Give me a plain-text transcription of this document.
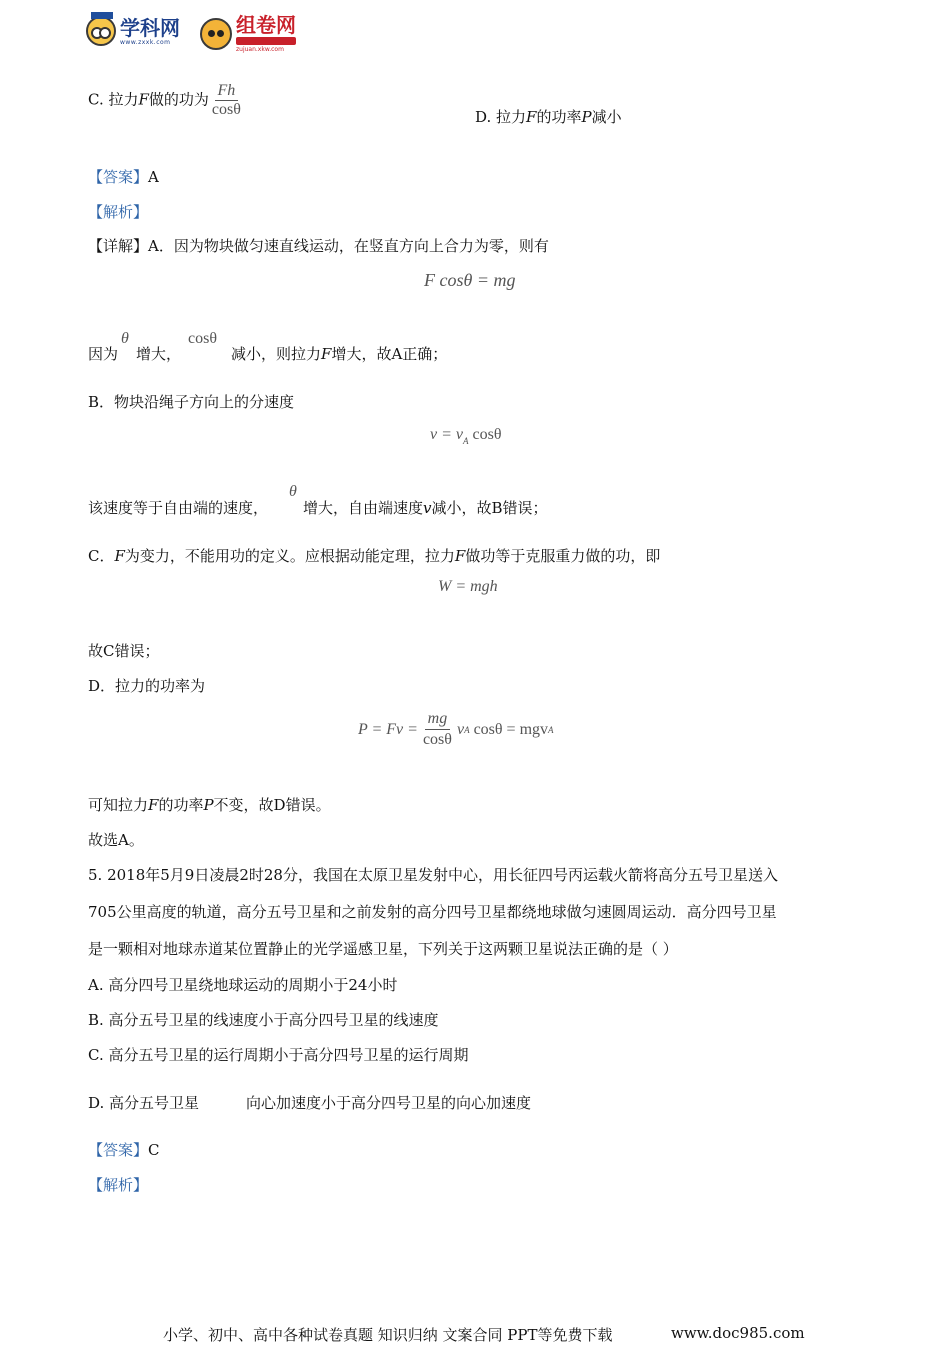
学科网
www.zxxk.com
组卷网
zujuan.xkw.com
C. 拉力F做的功为 $\frac{Fh}{\cos\theta}$	D. 拉力F的功率P减小
【答案】A
【解析】
【详解】A．因为物块做匀速直线运动，在竖直方向上合力为零，则有
F cosθ = mg
因为
θ
增大，
cosθ
减小，则拉力F增大，故A正确；
B．物块沿绳子方向上的分速度
$v = v_A$ cosθ
该速度等于自由端的速度，
θ
增大，自由端速度v减小，故B错误；
C．F为变力，不能用功的定义。应根据动能定理，拉力F做功等于克服重力做的功，即
W = mgh
故C错误；
D．拉力的功率为
$P = Fv = \frac{mg}{\cos\theta}$ v A
cosθ = mgv A
可知拉力F的功率P不变，故D错误。
故选A。
5. 2018年5月9日凌晨2时28分，我国在太原卫星发射中心，用长征四号丙运载火箭将高分五号卫星送入
705公里高度的轨道，高分五号卫星和之前发射的高分四号卫星都绕地球做匀速圆周运动．高分四号卫星
是一颗相对地球赤道某位置静止的光学遥感卫星，下列关于这两颗卫星说法正确的是（ ）
A. 高分四号卫星绕地球运动的周期小于24小时
B. 高分五号卫星的线速度小于高分四号卫星的线速度
C. 高分五号卫星的运行周期小于高分四号卫星的运行周期
D. 高分五号卫星	向心加速度小于高分四号卫星的向心加速度
【答案】C
【解析】
小学、初中、高中各种试卷真题 知识归纳 文案合同 PPT等免费下载	www.doc985.com
